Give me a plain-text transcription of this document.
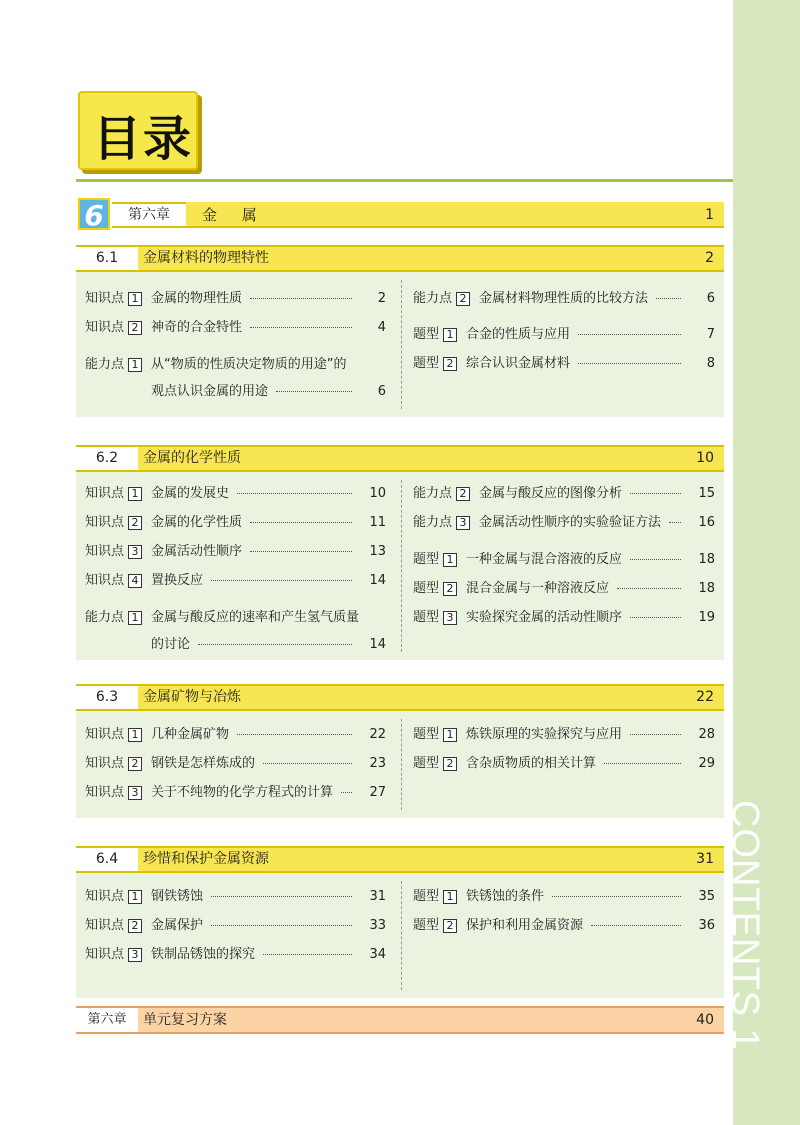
CONTENTS 1
目录
6	第六章	金 属	1
6.1	金属材料的物理特性	2
知识点 1 金属的物理性质	2
知识点 2 神奇的合金特性	4
能力点 1 从“物质的性质决定物质的用途”的
观点认识金属的用途	6
能力点 2 金属材料物理性质的比较方法	6
题型 1 合金的性质与应用	7
题型 2 综合认识金属材料	8
6.2	金属的化学性质	10
知识点 1 金属的发展史	10
知识点 2 金属的化学性质	11
知识点 3 金属活动性顺序	13
知识点 4 置换反应	14
能力点 1 金属与酸反应的速率和产生氢气质量
的讨论	14
能力点 2 金属与酸反应的图像分析	15
能力点 3 金属活动性顺序的实验验证方法	16
题型 1 一种金属与混合溶液的反应	18
题型 2 混合金属与一种溶液反应	18
题型 3 实验探究金属的活动性顺序	19
6.3	金属矿物与冶炼	22
知识点 1 几种金属矿物	22
知识点 2 钢铁是怎样炼成的	23
知识点 3 关于不纯物的化学方程式的计算	27
题型 1 炼铁原理的实验探究与应用	28
题型 2 含杂质物质的相关计算	29
6.4	珍惜和保护金属资源	31
知识点 1 钢铁锈蚀	31
知识点 2 金属保护	33
知识点 3 铁制品锈蚀的探究	34
题型 1 铁锈蚀的条件	35
题型 2 保护和利用金属资源	36
第六章	单元复习方案	40
